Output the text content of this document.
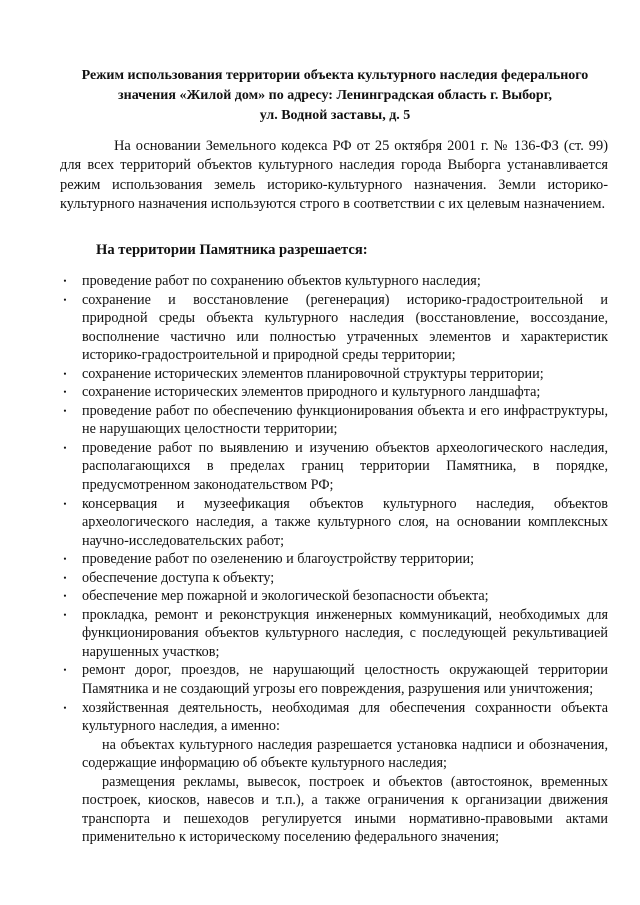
Режим использования территории объекта культурного наследия федерального
значения «Жилой дом» по адресу: Ленинградская область г. Выборг,
ул. Водной заставы, д. 5

На основании Земельного кодекса РФ от 25 октября 2001 г. № 136-ФЗ (ст. 99) для всех территорий объектов культурного наследия города Выборга устанавливается режим использования земель историко-культурного назначения. Земли историко-культурного назначения используются строго в соответствии с их целевым назначением.

На территории Памятника разрешается:

• проведение работ по сохранению объектов культурного наследия;
• сохранение и восстановление (регенерация) историко-градостроительной и природной среды объекта культурного наследия (восстановление, воссоздание, восполнение частично или полностью утраченных элементов и характеристик историко-градостроительной и природной среды территории;
• сохранение исторических элементов планировочной структуры территории;
• сохранение исторических элементов природного и культурного ландшафта;
• проведение работ по обеспечению функционирования объекта и его инфраструктуры, не нарушающих целостности территории;
• проведение работ по выявлению и изучению объектов археологического наследия, располагающихся в пределах границ территории Памятника, в порядке, предусмотренном законодательством РФ;
• консервация и музеефикация объектов культурного наследия, объектов археологического наследия, а также культурного слоя, на основании комплексных научно-исследовательских работ;
• проведение работ по озеленению и благоустройству территории;
• обеспечение доступа к объекту;
• обеспечение мер пожарной и экологической безопасности объекта;
• прокладка, ремонт и реконструкция инженерных коммуникаций, необходимых для функционирования объектов культурного наследия, с последующей рекультивацией нарушенных участков;
• ремонт дорог, проездов, не нарушающий целостность окружающей территории Памятника и не создающий угрозы его повреждения, разрушения или уничтожения;
• хозяйственная деятельность, необходимая для обеспечения сохранности объекта культурного наследия, а именно:

на объектах культурного наследия разрешается установка надписи и обозначения, содержащие информацию об объекте культурного наследия;

размещения рекламы, вывесок, построек и объектов (автостоянок, временных построек, киосков, навесов и т.п.), а также ограничения к организации движения транспорта и пешеходов регулируется иными нормативно-правовыми актами применительно к историческому поселению федерального значения;
